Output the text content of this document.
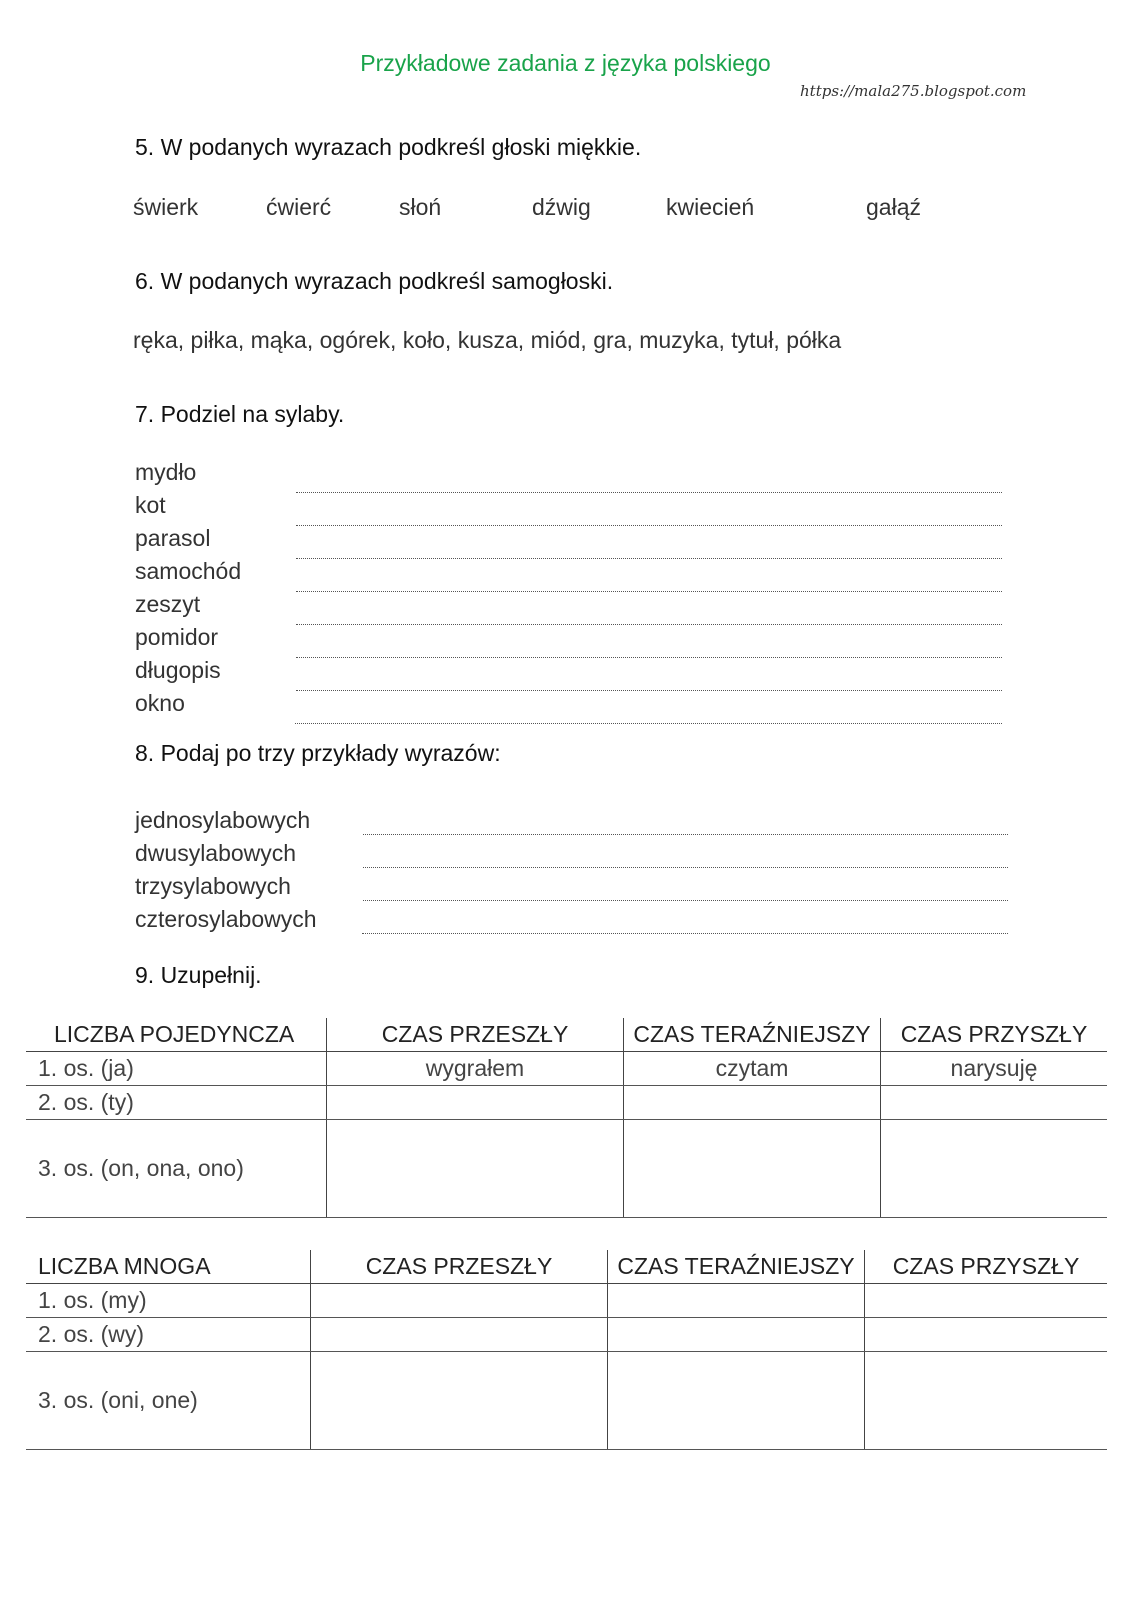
Przykładowe zadania z języka polskiego
https://mala275.blogspot.com
5. W podanych wyrazach podkreśl głoski miękkie.
świerk	ćwierć	słoń	dźwig	kwiecień	gałąź
6. W podanych wyrazach podkreśl samogłoski.
ręka, piłka, mąka, ogórek, koło, kusza, miód, gra, muzyka, tytuł, półka
7. Podziel na sylaby.
mydło
kot
parasol
samochód
zeszyt
pomidor
długopis
okno
8. Podaj po trzy przykłady wyrazów:
jednosylabowych
dwusylabowych
trzysylabowych
czterosylabowych
9. Uzupełnij.
LICZBA POJEDYNCZA	CZAS PRZESZŁY	CZAS TERAŹNIEJSZY	CZAS PRZYSZŁY
1. os. (ja)	wygrałem	czytam	narysuję
2. os. (ty)			
3. os. (on, ona, ono)			
LICZBA MNOGA	CZAS PRZESZŁY	CZAS TERAŹNIEJSZY	CZAS PRZYSZŁY
1. os. (my)			
2. os. (wy)			
3. os. (oni, one)			
